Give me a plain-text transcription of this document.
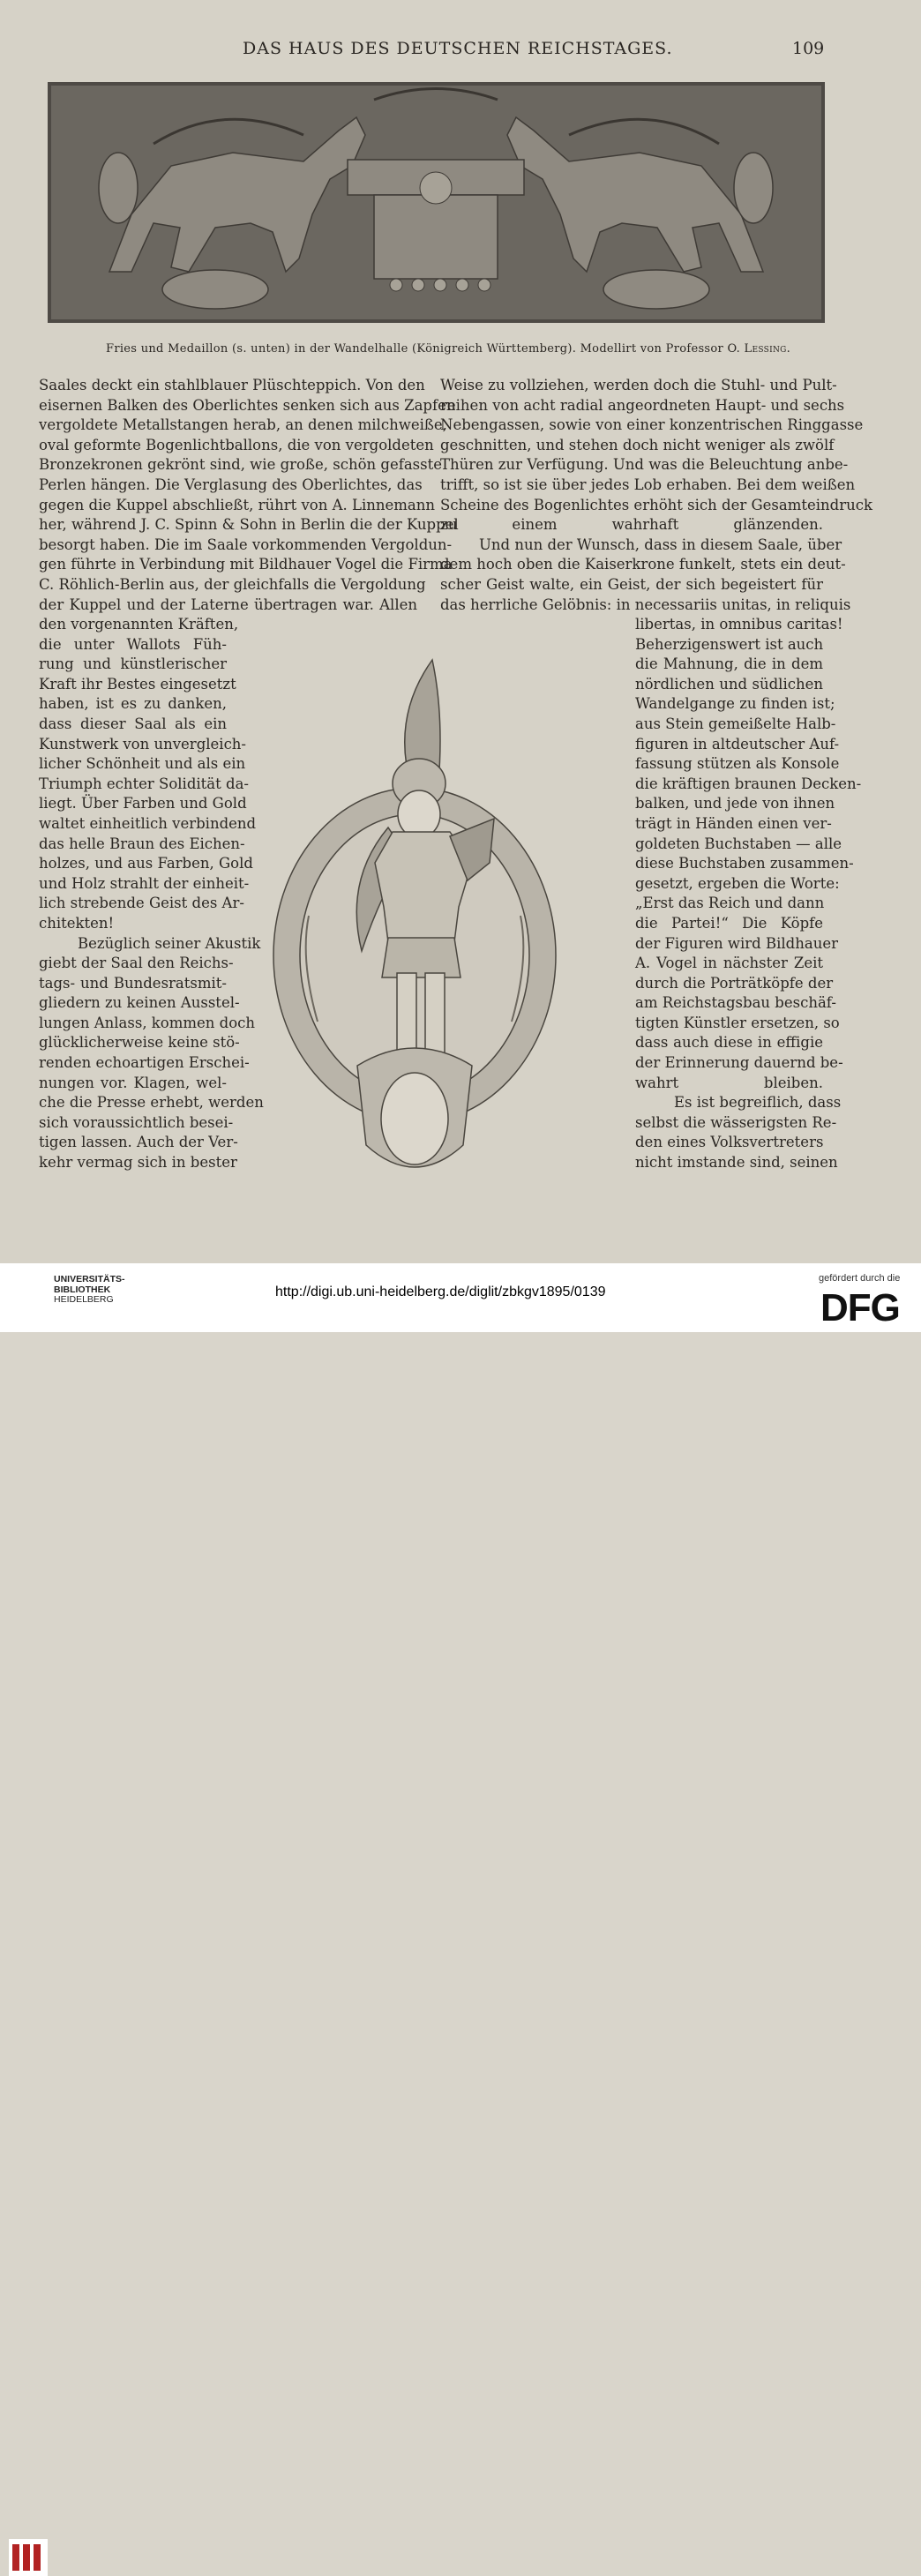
DAS HAUS DES DEUTSCHEN REICHSTAGES.	109
Fries und Medaillon (s. unten) in der Wandelhalle (Königreich Württemberg). Modellirt von Professor O. Lessing.
Saales deckt ein stahlblauer Plüschteppich. Von den
eisernen Balken des Oberlichtes senken sich aus Zapfen
vergoldete Metallstangen herab, an denen milchweiße,
oval geformte Bogenlichtballons, die von vergoldeten
Bronzekronen gekrönt sind, wie große, schön gefasste
Perlen hängen. Die Verglasung des Oberlichtes, das
gegen die Kuppel abschließt, rührt von A. Linnemann
her, während J. C. Spinn & Sohn in Berlin die der Kuppel
besorgt haben. Die im Saale vorkommenden Vergoldun-
gen führte in Verbindung mit Bildhauer Vogel die Firma
C. Röhlich-Berlin aus, der gleichfalls die Vergoldung
der Kuppel und der Laterne übertragen war. Allen
den vorgenannten Kräften,
die unter Wallots Füh-
rung und künstlerischer
Kraft ihr Bestes eingesetzt
haben, ist es zu danken,
dass dieser Saal als ein
Kunstwerk von unvergleich-
licher Schönheit und als ein
Triumph echter Solidität da-
liegt. Über Farben und Gold
waltet einheitlich verbindend
das helle Braun des Eichen-
holzes, und aus Farben, Gold
und Holz strahlt der einheit-
lich strebende Geist des Ar-
chitekten!
Bezüglich seiner Akustik
giebt der Saal den Reichs-
tags- und Bundesratsmit-
gliedern zu keinen Ausstel-
lungen Anlass, kommen doch
glücklicherweise keine stö-
renden echoartigen Erschei-
nungen vor. Klagen, wel-
che die Presse erhebt, werden
sich voraussichtlich besei-
tigen lassen. Auch der Ver-
kehr vermag sich in bester
Weise zu vollziehen, werden doch die Stuhl- und Pult-
reihen von acht radial angeordneten Haupt- und sechs
Nebengassen, sowie von einer konzentrischen Ringgasse
geschnitten, und stehen doch nicht weniger als zwölf
Thüren zur Verfügung. Und was die Beleuchtung anbe-
trifft, so ist sie über jedes Lob erhaben. Bei dem weißen
Scheine des Bogenlichtes erhöht sich der Gesamteindruck
zu einem wahrhaft glänzenden.
Und nun der Wunsch, dass in diesem Saale, über
dem hoch oben die Kaiserkrone funkelt, stets ein deut-
scher Geist walte, ein Geist, der sich begeistert für
das herrliche Gelöbnis: in necessariis unitas, in reliquis
libertas, in omnibus caritas!
Beherzigenswert ist auch
die Mahnung, die in dem
nördlichen und südlichen
Wandelgange zu finden ist;
aus Stein gemeißelte Halb-
figuren in altdeutscher Auf-
fassung stützen als Konsole
die kräftigen braunen Decken-
balken, und jede von ihnen
trägt in Händen einen ver-
goldeten Buchstaben — alle
diese Buchstaben zusammen-
gesetzt, ergeben die Worte:
„Erst das Reich und dann
die Partei!“ Die Köpfe
der Figuren wird Bildhauer
A. Vogel in nächster Zeit
durch die Porträtköpfe der
am Reichstagsbau beschäf-
tigten Künstler ersetzen, so
dass auch diese in effigie
der Erinnerung dauernd be-
wahrt bleiben.
Es ist begreiflich, dass
selbst die wässerigsten Re-
den eines Volksvertreters
nicht imstande sind, seinen
UNIVERSITÄTS-
BIBLIOTHEK
HEIDELBERG	http://digi.ub.uni-heidelberg.de/diglit/zbkgv1895/0139
gefördert durch die
DFG
